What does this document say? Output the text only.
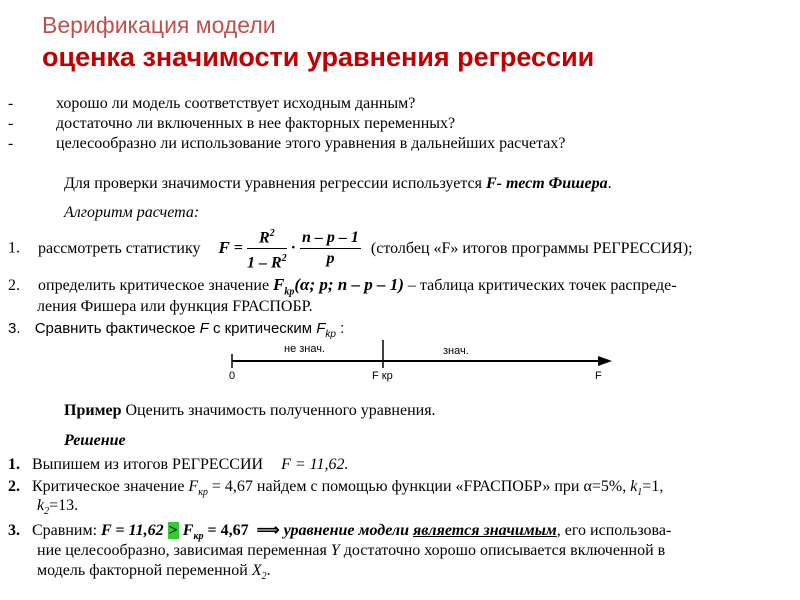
Верификация модели
оценка значимости уравнения регрессии
-	хорошо ли модель соответствует исходным данным?
-	достаточно ли включенных в нее факторных переменных?
-	целесообразно ли использование этого уравнения в дальнейших расчетах?
Для проверки значимости уравнения регрессии используется F- тест Фишера.
Алгоритм расчета:
1. рассмотреть статистику $F = \frac{R^2}{1 - R^2} \cdot \frac{n - p - 1}{p}$ (столбец «F» итогов программы РЕГРЕССИЯ);
2. определить критическое значение $F_{kp}(\alpha$; p; n – p – 1) – таблица критических точек распреде-
ления Фишера или функция FРАСПОБР.
3. Сравнить фактическое F с критическим $F_{kp}$ :
не знач.	знач.
0	F кр	F
Пример Оценить значимость полученного уравнения.
Решение
1. Выпишем из итогов РЕГРЕССИИ F = 11,62.
2. Критическое значение $F_{кр} = 4,67$ найдем с помощью функции «FРАСПОБР» при α=5%, $k_1=1$,
$k_2=13$.
3. Сравним: $F = 11,62 > F_{кр} = 4,67$ ⟹ уравнение модели является значимым, его использова-
ние целесообразно, зависимая переменная Y достаточно хорошо описывается включенной в
модель факторной переменной $X_2$.
